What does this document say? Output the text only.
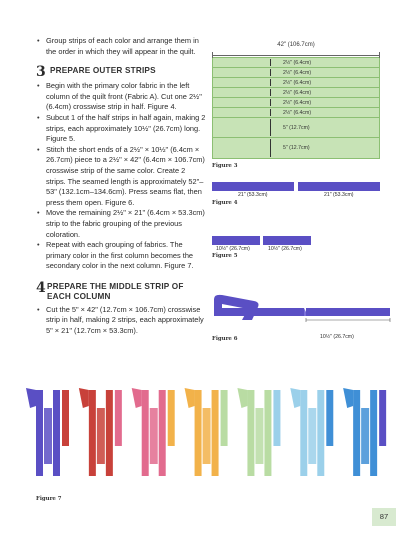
• Group strips of each color and arrange them in the order in which they will appear in the quilt.
3 PREPARE OUTER STRIPS
• Begin with the primary color fabric in the left column of the quilt front (Fabric A). Cut one 2½" (6.4cm) crosswise strip in half. Figure 4.
• Subcut 1 of the half strips in half again, making 2 strips, each approximately 10½" (26.7cm) long. Figure 5.
• Stitch the short ends of a 2½" × 10½" (6.4cm × 26.7cm) piece to a 2½" × 42" (6.4cm × 106.7cm) crosswise strip of the same color. Create 2 strips. The seamed length is approximately 52"–53" (132.1cm–134.6cm). Press seams flat, then press them open. Figure 6.
• Move the remaining 2½" × 21" (6.4cm × 53.3cm) strip to the fabric grouping of the previous coloration.
• Repeat with each grouping of fabrics. The primary color in the first column becomes the secondary color in the next column. Figure 7.
4 PREPARE THE MIDDLE STRIP OF EACH COLUMN
• Cut the 5" × 42" (12.7cm × 106.7cm) crosswise strip in half, making 2 strips, each approximately 5" × 21" (12.7cm × 53.3cm).
42" (106.7cm)
2½" (6.4cm)
2½" (6.4cm)
2½" (6.4cm)
2½" (6.4cm)
2½" (6.4cm)
2½" (6.4cm)
5" (12.7cm)
5" (12.7cm)
Figure 3
21" (53.3cm)	21" (53.3cm)
Figure 4
10½" (26.7cm)	10½" (26.7cm)
Figure 5
Figure 6	10½" (26.7cm)
Figure 7
87
